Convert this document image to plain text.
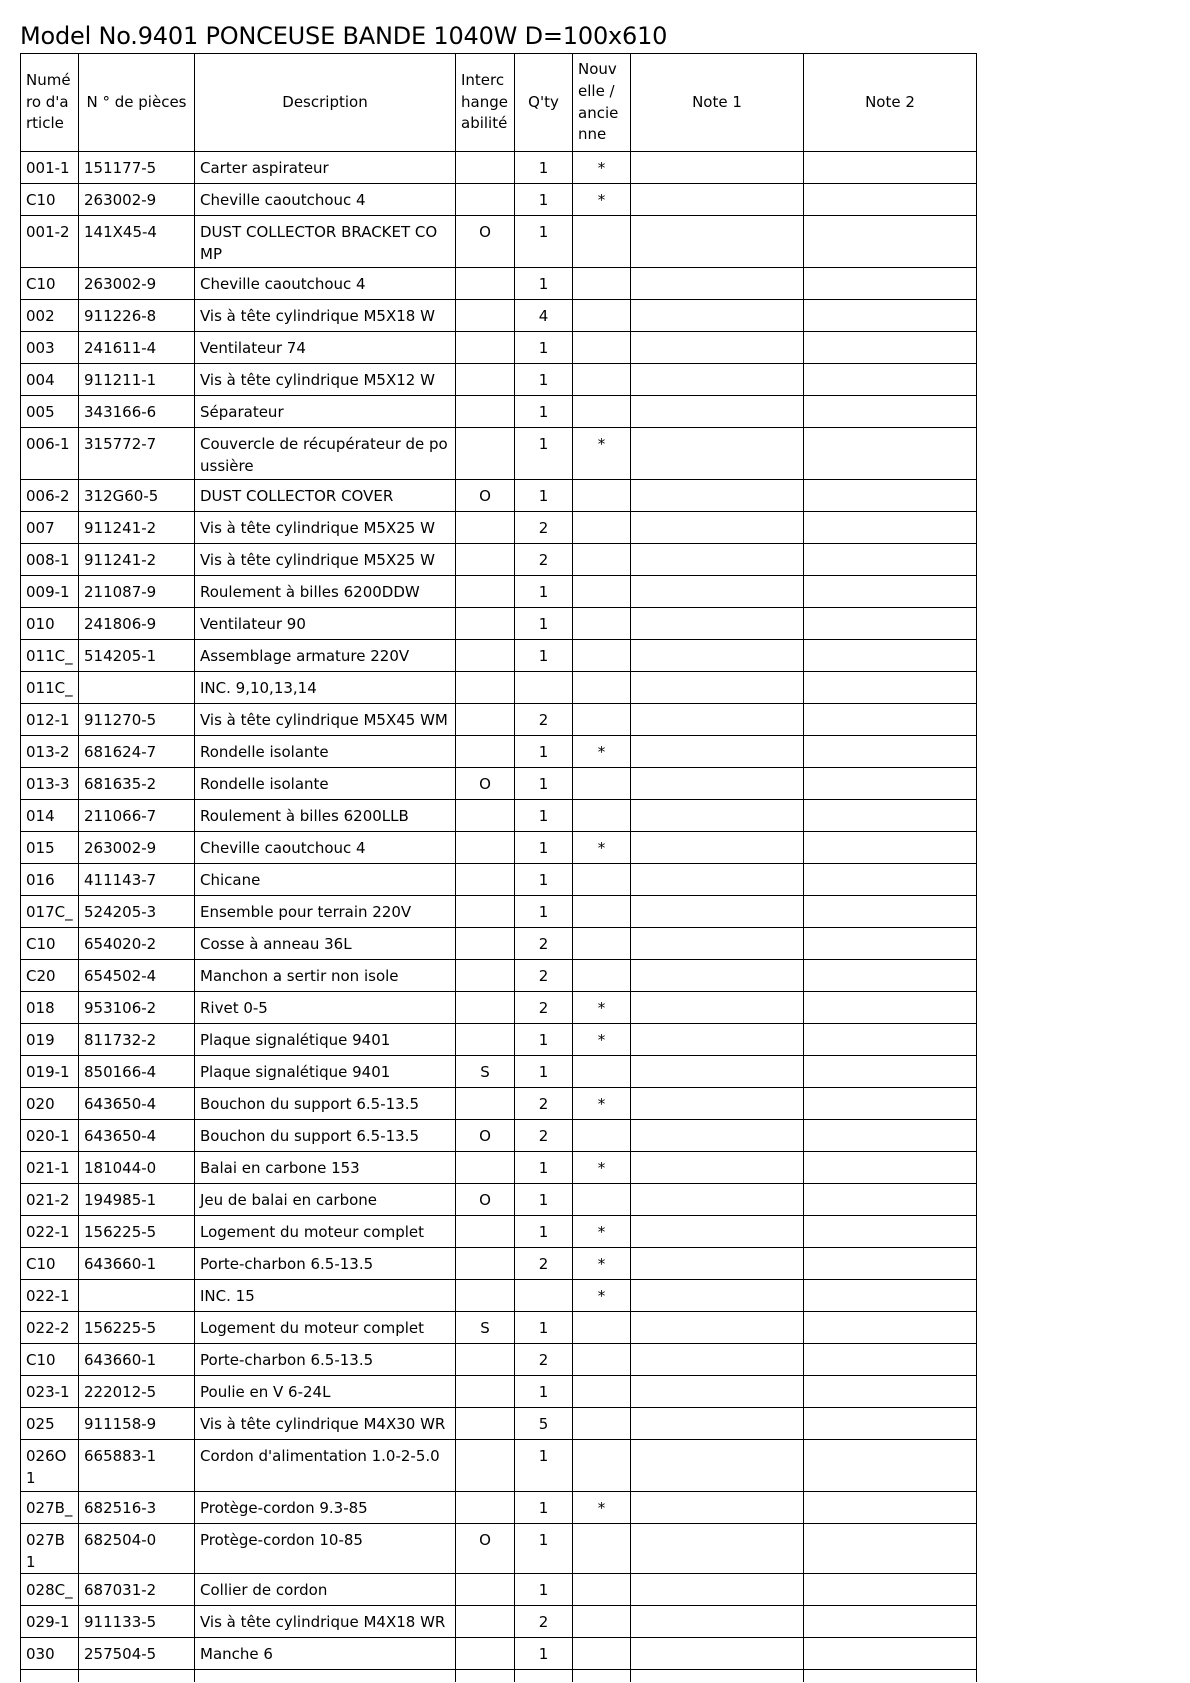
Model No.9401 PONCEUSE BANDE 1040W D=100x610
Numéro d'article	N ° de pièces	Description	Interchangeabilité	Q'ty	Nouvelle / ancienne	Note 1	Note 2
001-1	151177-5	Carter aspirateur		1	*		
C10	263002-9	Cheville caoutchouc 4		1	*		
001-2	141X45-4	DUST COLLECTOR BRACKET COMP	O	1			
C10	263002-9	Cheville caoutchouc 4		1			
002	911226-8	Vis à tête cylindrique M5X18 W		4			
003	241611-4	Ventilateur 74		1			
004	911211-1	Vis à tête cylindrique M5X12 W		1			
005	343166-6	Séparateur		1			
006-1	315772-7	Couvercle de récupérateur de poussière		1	*		
006-2	312G60-5	DUST COLLECTOR COVER	O	1			
007	911241-2	Vis à tête cylindrique M5X25 W		2			
008-1	911241-2	Vis à tête cylindrique M5X25 W		2			
009-1	211087-9	Roulement à billes 6200DDW		1			
010	241806-9	Ventilateur 90		1			
011C_	514205-1	Assemblage armature 220V		1			
011C_		INC. 9,10,13,14					
012-1	911270-5	Vis à tête cylindrique M5X45 WM		2			
013-2	681624-7	Rondelle isolante		1	*		
013-3	681635-2	Rondelle isolante	O	1			
014	211066-7	Roulement à billes 6200LLB		1			
015	263002-9	Cheville caoutchouc 4		1	*		
016	411143-7	Chicane		1			
017C_	524205-3	Ensemble pour terrain 220V		1			
C10	654020-2	Cosse à anneau 36L		2			
C20	654502-4	Manchon a sertir non isole		2			
018	953106-2	Rivet 0-5		2	*		
019	811732-2	Plaque signalétique 9401		1	*		
019-1	850166-4	Plaque signalétique 9401	S	1			
020	643650-4	Bouchon du support 6.5-13.5		2	*		
020-1	643650-4	Bouchon du support 6.5-13.5	O	2			
021-1	181044-0	Balai en carbone 153		1	*		
021-2	194985-1	Jeu de balai en carbone	O	1			
022-1	156225-5	Logement du moteur complet		1	*		
C10	643660-1	Porte-charbon 6.5-13.5		2	*		
022-1		INC. 15			*		
022-2	156225-5	Logement du moteur complet	S	1			
C10	643660-1	Porte-charbon 6.5-13.5		2			
023-1	222012-5	Poulie en V 6-24L		1			
025	911158-9	Vis à tête cylindrique M4X30 WR		5			
026O1	665883-1	Cordon d'alimentation 1.0-2-5.0		1			
027B_	682516-3	Protège-cordon 9.3-85		1	*		
027B1	682504-0	Protège-cordon 10-85	O	1			
028C_	687031-2	Collier de cordon		1			
029-1	911133-5	Vis à tête cylindrique M4X18 WR		2			
030	257504-5	Manche 6		1			
